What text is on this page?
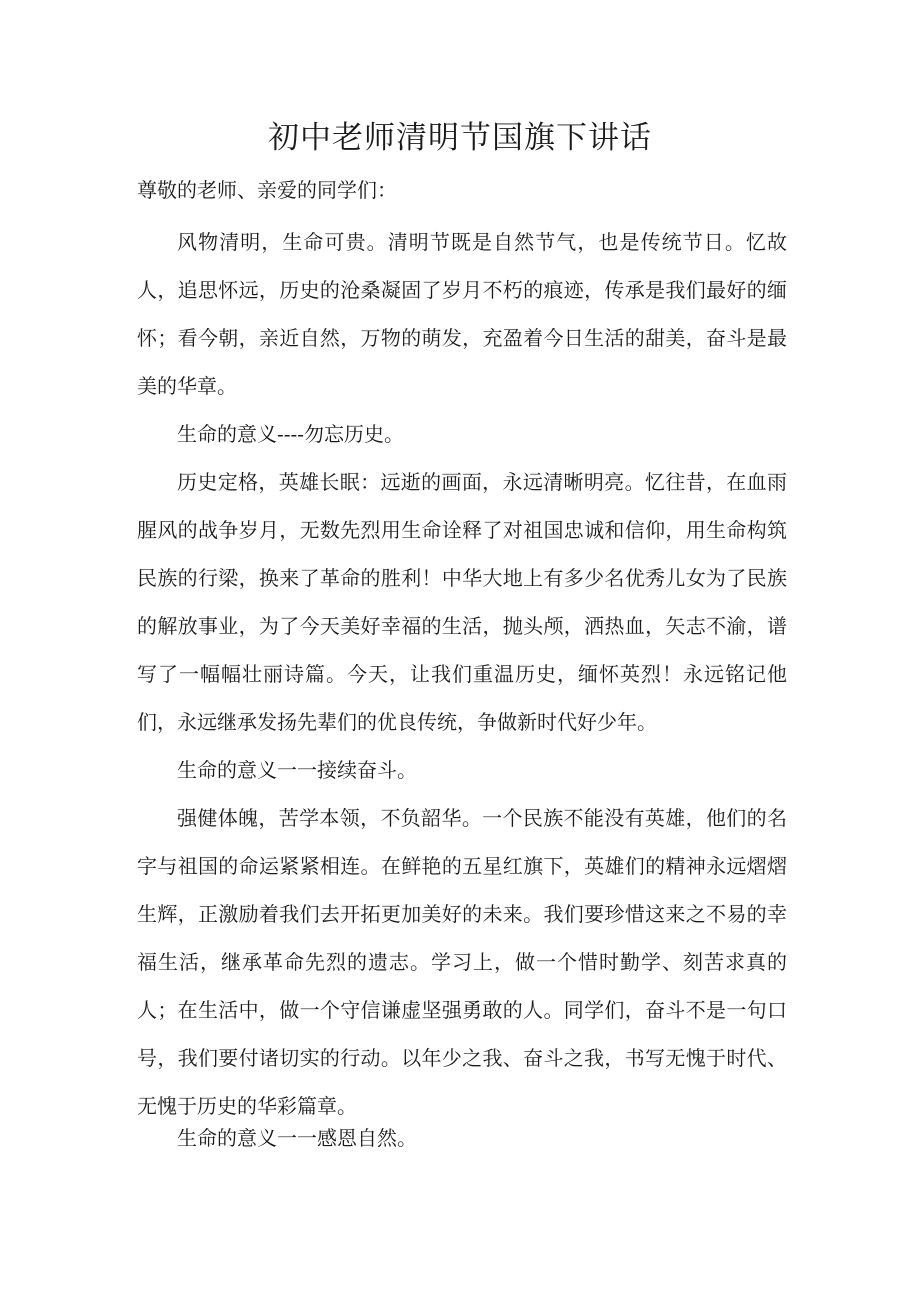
初中老师清明节国旗下讲话

尊敬的老师、亲爱的同学们：

风物清明，生命可贵。清明节既是自然节气，也是传统节日。忆故人，追思怀远，历史的沧桑凝固了岁月不朽的痕迹，传承是我们最好的缅怀；看今朝，亲近自然，万物的萌发，充盈着今日生活的甜美，奋斗是最美的华章。

生命的意义----勿忘历史。

历史定格，英雄长眠：远逝的画面，永远清晰明亮。忆往昔，在血雨腥风的战争岁月，无数先烈用生命诠释了对祖国忠诚和信仰，用生命构筑民族的行梁，换来了革命的胜利！中华大地上有多少名优秀儿女为了民族的解放事业，为了今天美好幸福的生活，抛头颅，洒热血，矢志不渝，谱写了一幅幅壮丽诗篇。今天，让我们重温历史，缅怀英烈！永远铭记他们，永远继承发扬先辈们的优良传统，争做新时代好少年。

生命的意义一一接续奋斗。

强健体魄，苦学本领，不负韶华。一个民族不能没有英雄，他们的名字与祖国的命运紧紧相连。在鲜艳的五星红旗下，英雄们的精神永远熠熠生辉，正激励着我们去开拓更加美好的未来。我们要珍惜这来之不易的幸福生活，继承革命先烈的遗志。学习上，做一个惜时勤学、刻苦求真的人；在生活中，做一个守信谦虚坚强勇敢的人。同学们，奋斗不是一句口号，我们要付诸切实的行动。以年少之我、奋斗之我，书写无愧于时代、无愧于历史的华彩篇章。

生命的意义一一感恩自然。
